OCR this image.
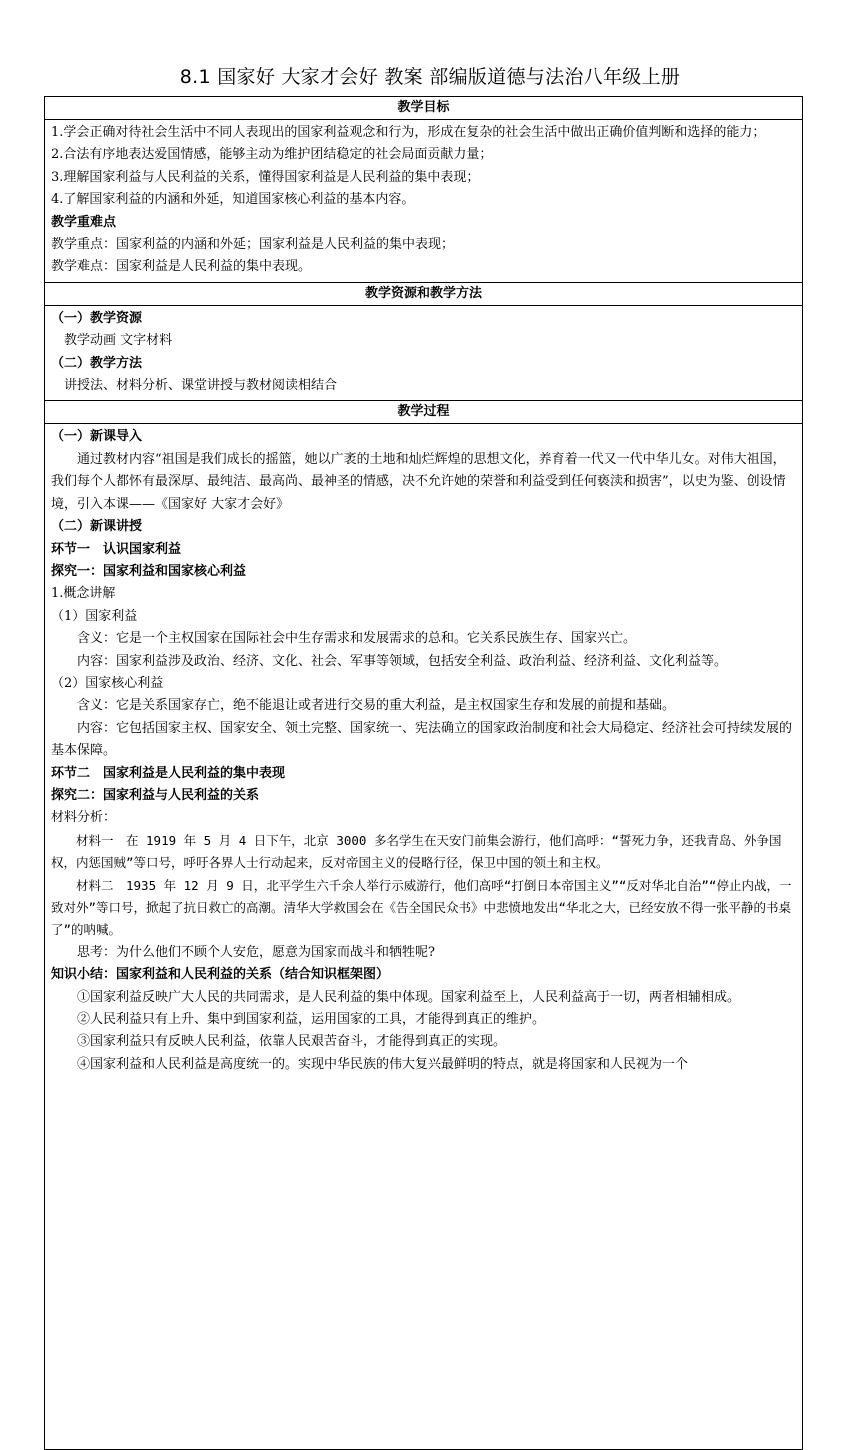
8.1 国家好 大家才会好 教案 部编版道德与法治八年级上册
教学目标

1.学会正确对待社会生活中不同人表现出的国家利益观念和行为，形成在复杂的社会生活中做出正确价值判断和选择的能力；

2.合法有序地表达爱国情感，能够主动为维护团结稳定的社会局面贡献力量；

3.理解国家利益与人民利益的关系，懂得国家利益是人民利益的集中表现；

4.了解国家利益的内涵和外延，知道国家核心利益的基本内容。

教学重难点

教学重点：国家利益的内涵和外延；国家利益是人民利益的集中表现；

教学难点：国家利益是人民利益的集中表现。

教学资源和教学方法

（一）教学资源

教学动画 文字材料

（二）教学方法

讲授法、材料分析、课堂讲授与教材阅读相结合

教学过程

（一）新课导入

通过教材内容“祖国是我们成长的摇篮，她以广袤的土地和灿烂辉煌的思想文化，养育着一代又一代中华儿女。对伟大祖国，我们每个人都怀有最深厚、最纯洁、最高尚、最神圣的情感，决不允许她的荣誉和利益受到任何亵渎和损害”，以史为鉴、创设情境，引入本课——《国家好 大家才会好》

（二）新课讲授

环节一　认识国家利益

探究一：国家利益和国家核心利益

1.概念讲解

（1）国家利益

含义：它是一个主权国家在国际社会中生存需求和发展需求的总和。它关系民族生存、国家兴亡。

内容：国家利益涉及政治、经济、文化、社会、军事等领域，包括安全利益、政治利益、经济利益、文化利益等。

（2）国家核心利益

含义：它是关系国家存亡，绝不能退让或者进行交易的重大利益，是主权国家生存和发展的前提和基础。

内容：它包括国家主权、国家安全、领土完整、国家统一、宪法确立的国家政治制度和社会大局稳定、经济社会可持续发展的基本保障。

环节二　国家利益是人民利益的集中表现

探究二：国家利益与人民利益的关系

材料分析：

材料一　在 1919 年 5 月 4 日下午，北京 3000 多名学生在天安门前集会游行，他们高呼：“誓死力争，还我青岛、外争国权，内惩国贼”等口号，呼吁各界人士行动起来，反对帝国主义的侵略行径，保卫中国的领土和主权。

材料二　1935 年 12 月 9 日，北平学生六千余人举行示威游行，他们高呼“打倒日本帝国主义”“反对华北自治”“停止内战，一致对外”等口号，掀起了抗日救亡的高潮。清华大学救国会在《告全国民众书》中悲愤地发出“华北之大，已经安放不得一张平静的书桌了”的呐喊。

思考：为什么他们不顾个人安危，愿意为国家而战斗和牺牲呢?

知识小结：国家利益和人民利益的关系（结合知识框架图）

①国家利益反映广大人民的共同需求，是人民利益的集中体现。国家利益至上，人民利益高于一切，两者相辅相成。

②人民利益只有上升、集中到国家利益，运用国家的工具，才能得到真正的维护。

③国家利益只有反映人民利益，依靠人民艰苦奋斗，才能得到真正的实现。

④国家利益和人民利益是高度统一的。实现中华民族的伟大复兴最鲜明的特点，就是将国家和人民视为一个
